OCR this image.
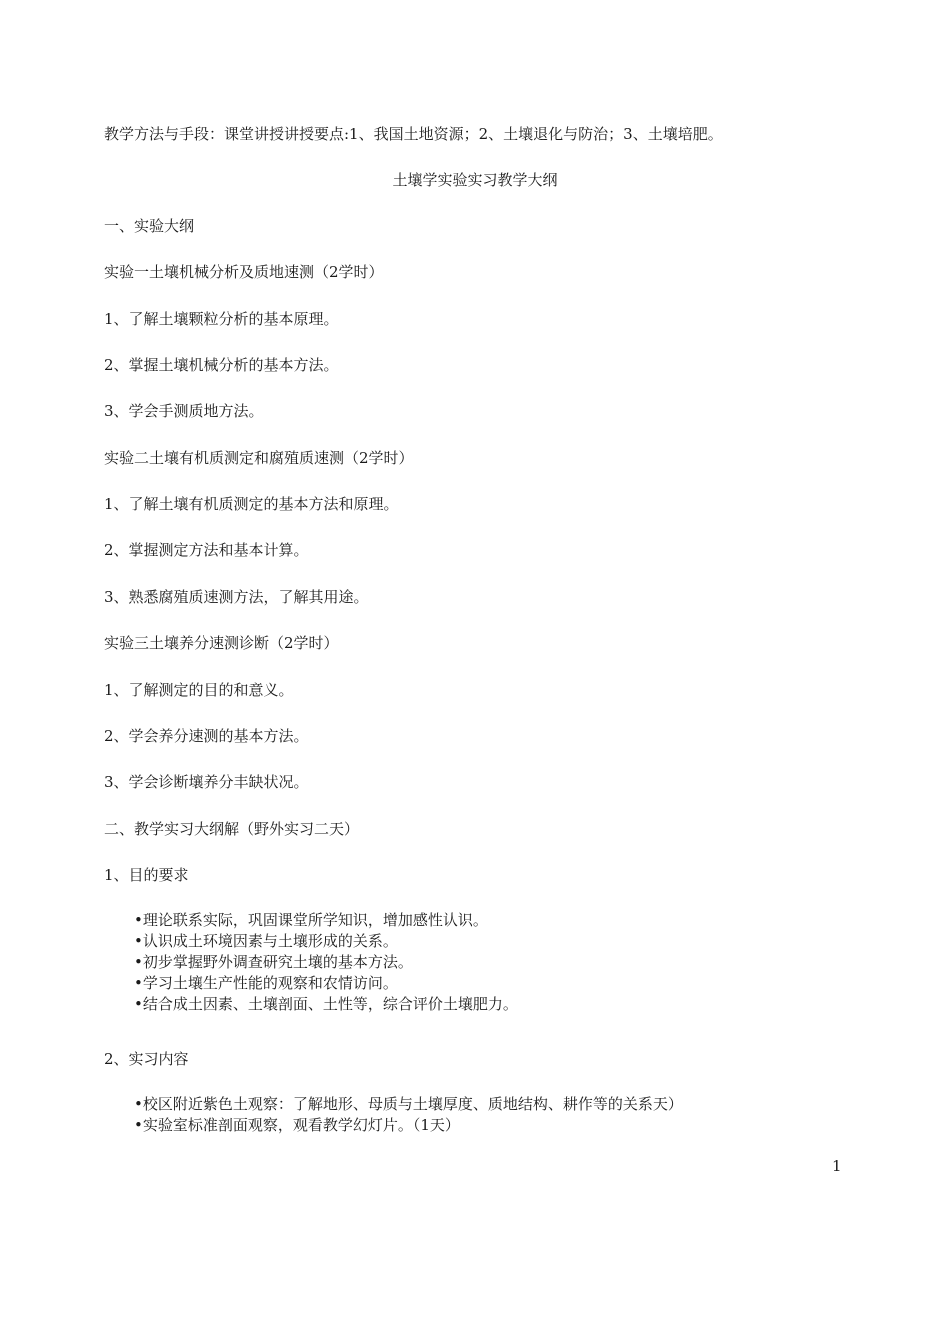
教学方法与手段：课堂讲授讲授要点:1、我国土地资源；2、土壤退化与防治；3、土壤培肥。
土壤学实验实习教学大纲
一、实验大纲
实验一土壤机械分析及质地速测（2学时）
1、了解土壤颗粒分析的基本原理。
2、掌握土壤机械分析的基本方法。
3、学会手测质地方法。
实验二土壤有机质测定和腐殖质速测（2学时）
1、了解土壤有机质测定的基本方法和原理。
2、掌握测定方法和基本计算。
3、熟悉腐殖质速测方法，了解其用途。
实验三土壤养分速测诊断（2学时）
1、了解测定的目的和意义。
2、学会养分速测的基本方法。
3、学会诊断壤养分丰缺状况。
二、教学实习大纲解（野外实习二天）
1、目的要求
•理论联系实际，巩固课堂所学知识，增加感性认识。
•认识成土环境因素与土壤形成的关系。
•初步掌握野外调查研究土壤的基本方法。
•学习土壤生产性能的观察和农情访问。
•结合成土因素、土壤剖面、土性等，综合评价土壤肥力。
2、实习内容
•校区附近紫色土观察：了解地形、母质与土壤厚度、质地结构、耕作等的关系天）
•实验室标准剖面观察，观看教学幻灯片。（1天）
1
